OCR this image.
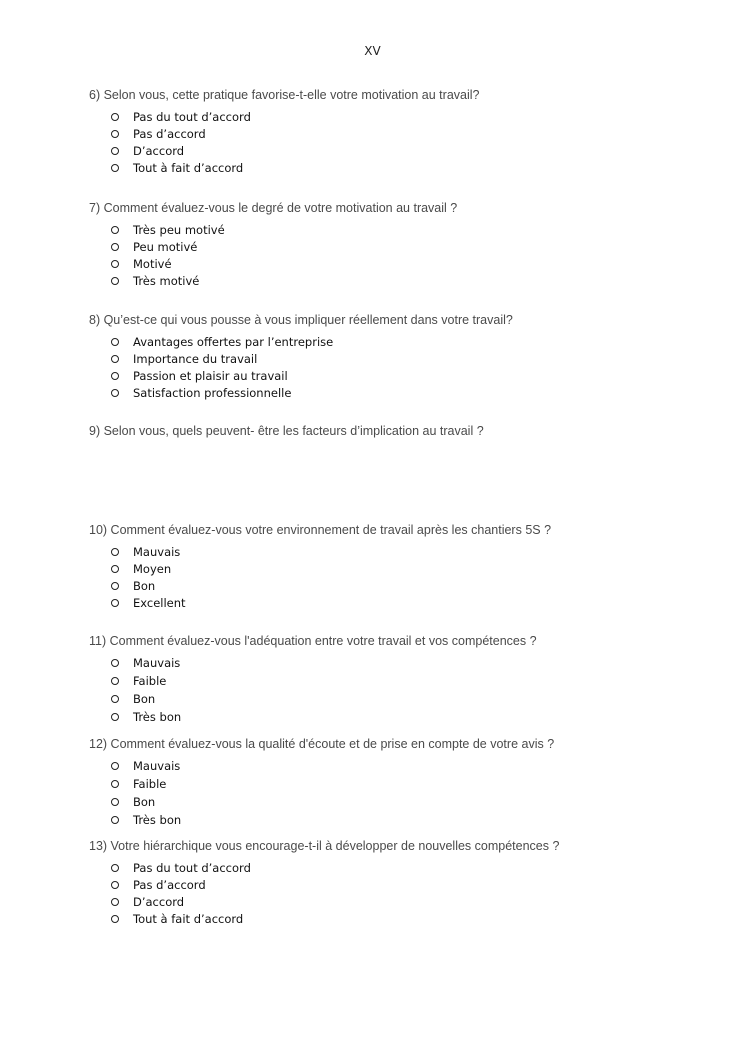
XV

6) Selon vous, cette pratique favorise-t-elle votre motivation au travail?

Pas du tout d’accord
Pas d’accord
D’accord
Tout à fait d’accord

7) Comment évaluez-vous le degré de votre motivation au travail ?

Très peu motivé
Peu motivé
Motivé
Très motivé

8) Qu’est-ce qui vous pousse à vous impliquer réellement dans votre travail?

Avantages offertes par l’entreprise
Importance du travail
Passion et plaisir au travail
Satisfaction professionnelle

9) Selon vous, quels peuvent- être les facteurs d’implication au travail ?

10) Comment évaluez-vous votre environnement de travail après les chantiers 5S ?

Mauvais
Moyen
Bon
Excellent

11) Comment évaluez-vous l'adéquation entre votre travail et vos compétences ?

Mauvais
Faible
Bon
Très bon

12) Comment évaluez-vous la qualité d'écoute et de prise en compte de votre avis ?

Mauvais
Faible
Bon
Très bon

13) Votre hiérarchique vous encourage-t-il à développer de nouvelles compétences ?

Pas du tout d’accord
Pas d’accord
D’accord
Tout à fait d’accord
